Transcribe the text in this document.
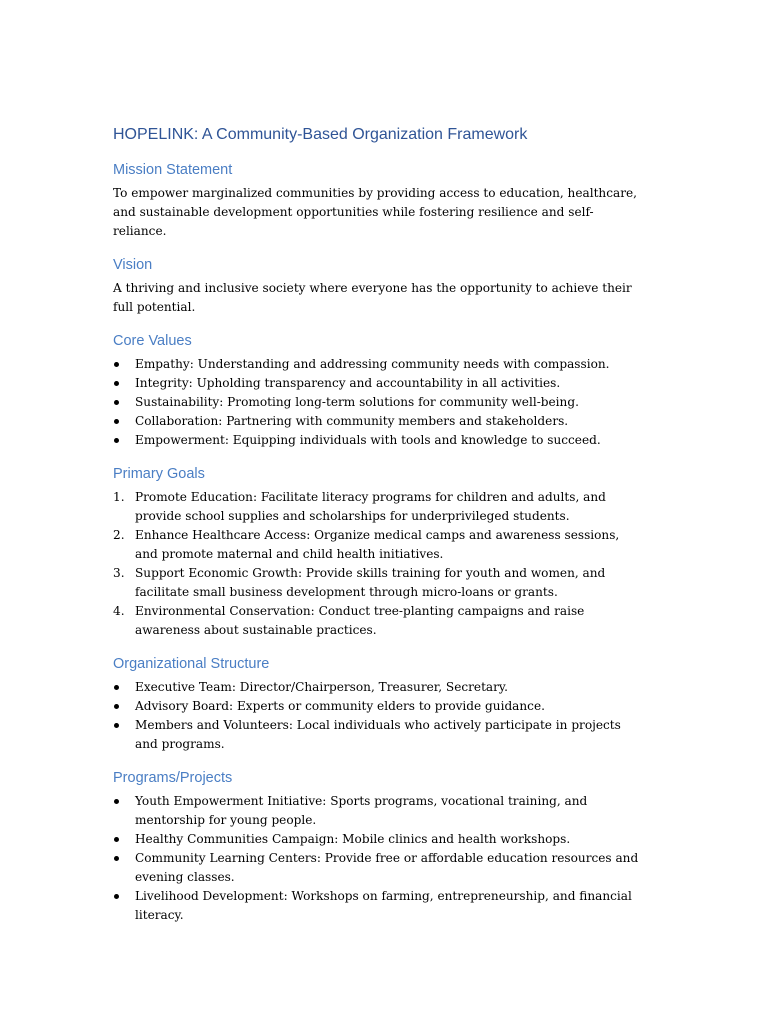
HOPELINK: A Community-Based Organization Framework
Mission Statement

To empower marginalized communities by providing access to education, healthcare, and sustainable development opportunities while fostering resilience and self-reliance.

Vision

A thriving and inclusive society where everyone has the opportunity to achieve their full potential.

Core Values
Empathy: Understanding and addressing community needs with compassion.
Integrity: Upholding transparency and accountability in all activities.
Sustainability: Promoting long-term solutions for community well-being.
Collaboration: Partnering with community members and stakeholders.
Empowerment: Equipping individuals with tools and knowledge to succeed.
Primary Goals
1. Promote Education: Facilitate literacy programs for children and adults, and provide school supplies and scholarships for underprivileged students.
2. Enhance Healthcare Access: Organize medical camps and awareness sessions, and promote maternal and child health initiatives.
3. Support Economic Growth: Provide skills training for youth and women, and facilitate small business development through micro-loans or grants.
4. Environmental Conservation: Conduct tree-planting campaigns and raise awareness about sustainable practices.
Organizational Structure
Executive Team: Director/Chairperson, Treasurer, Secretary.
Advisory Board: Experts or community elders to provide guidance.
Members and Volunteers: Local individuals who actively participate in projects and programs.
Programs/Projects
Youth Empowerment Initiative: Sports programs, vocational training, and mentorship for young people.
Healthy Communities Campaign: Mobile clinics and health workshops.
Community Learning Centers: Provide free or affordable education resources and evening classes.
Livelihood Development: Workshops on farming, entrepreneurship, and financial literacy.
